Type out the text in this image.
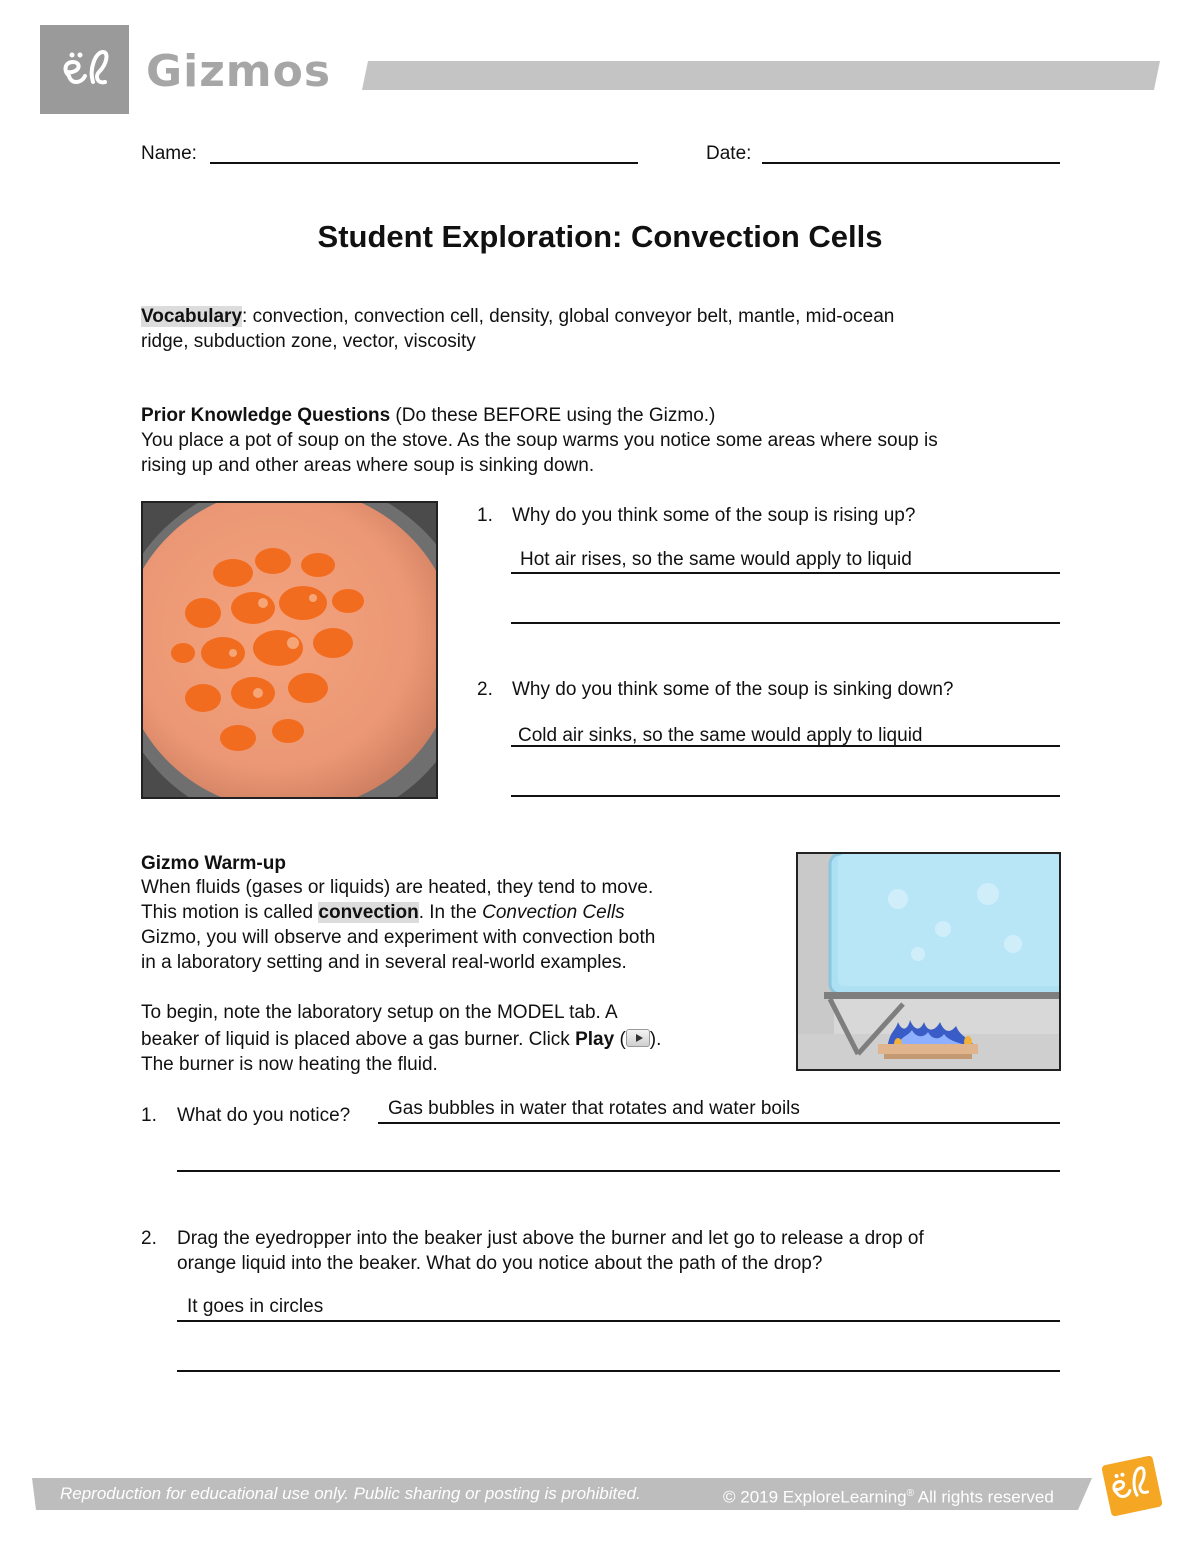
Gizmos
Name:	Date:
Student Exploration: Convection Cells
Vocabulary: convection, convection cell, density, global conveyor belt, mantle, mid-ocean
ridge, subduction zone, vector, viscosity
Prior Knowledge Questions (Do these BEFORE using the Gizmo.)
You place a pot of soup on the stove. As the soup warms you notice some areas where soup is
rising up and other areas where soup is sinking down.
1. Why do you think some of the soup is rising up?
Hot air rises, so the same would apply to liquid
2. Why do you think some of the soup is sinking down?
Cold air sinks, so the same would apply to liquid
Gizmo Warm-up
When fluids (gases or liquids) are heated, they tend to move.
This motion is called convection. In the Convection Cells
Gizmo, you will observe and experiment with convection both
in a laboratory setting and in several real-world examples.
To begin, note the laboratory setup on the MODEL tab. A
beaker of liquid is placed above a gas burner. Click Play ( ).
The burner is now heating the fluid.
1. What do you notice? Gas bubbles in water that rotates and water boils
2. Drag the eyedropper into the beaker just above the burner and let go to release a drop of
orange liquid into the beaker. What do you notice about the path of the drop?
It goes in circles
Reproduction for educational use only. Public sharing or posting is prohibited.	© 2019 ExploreLearning® All rights reserved
